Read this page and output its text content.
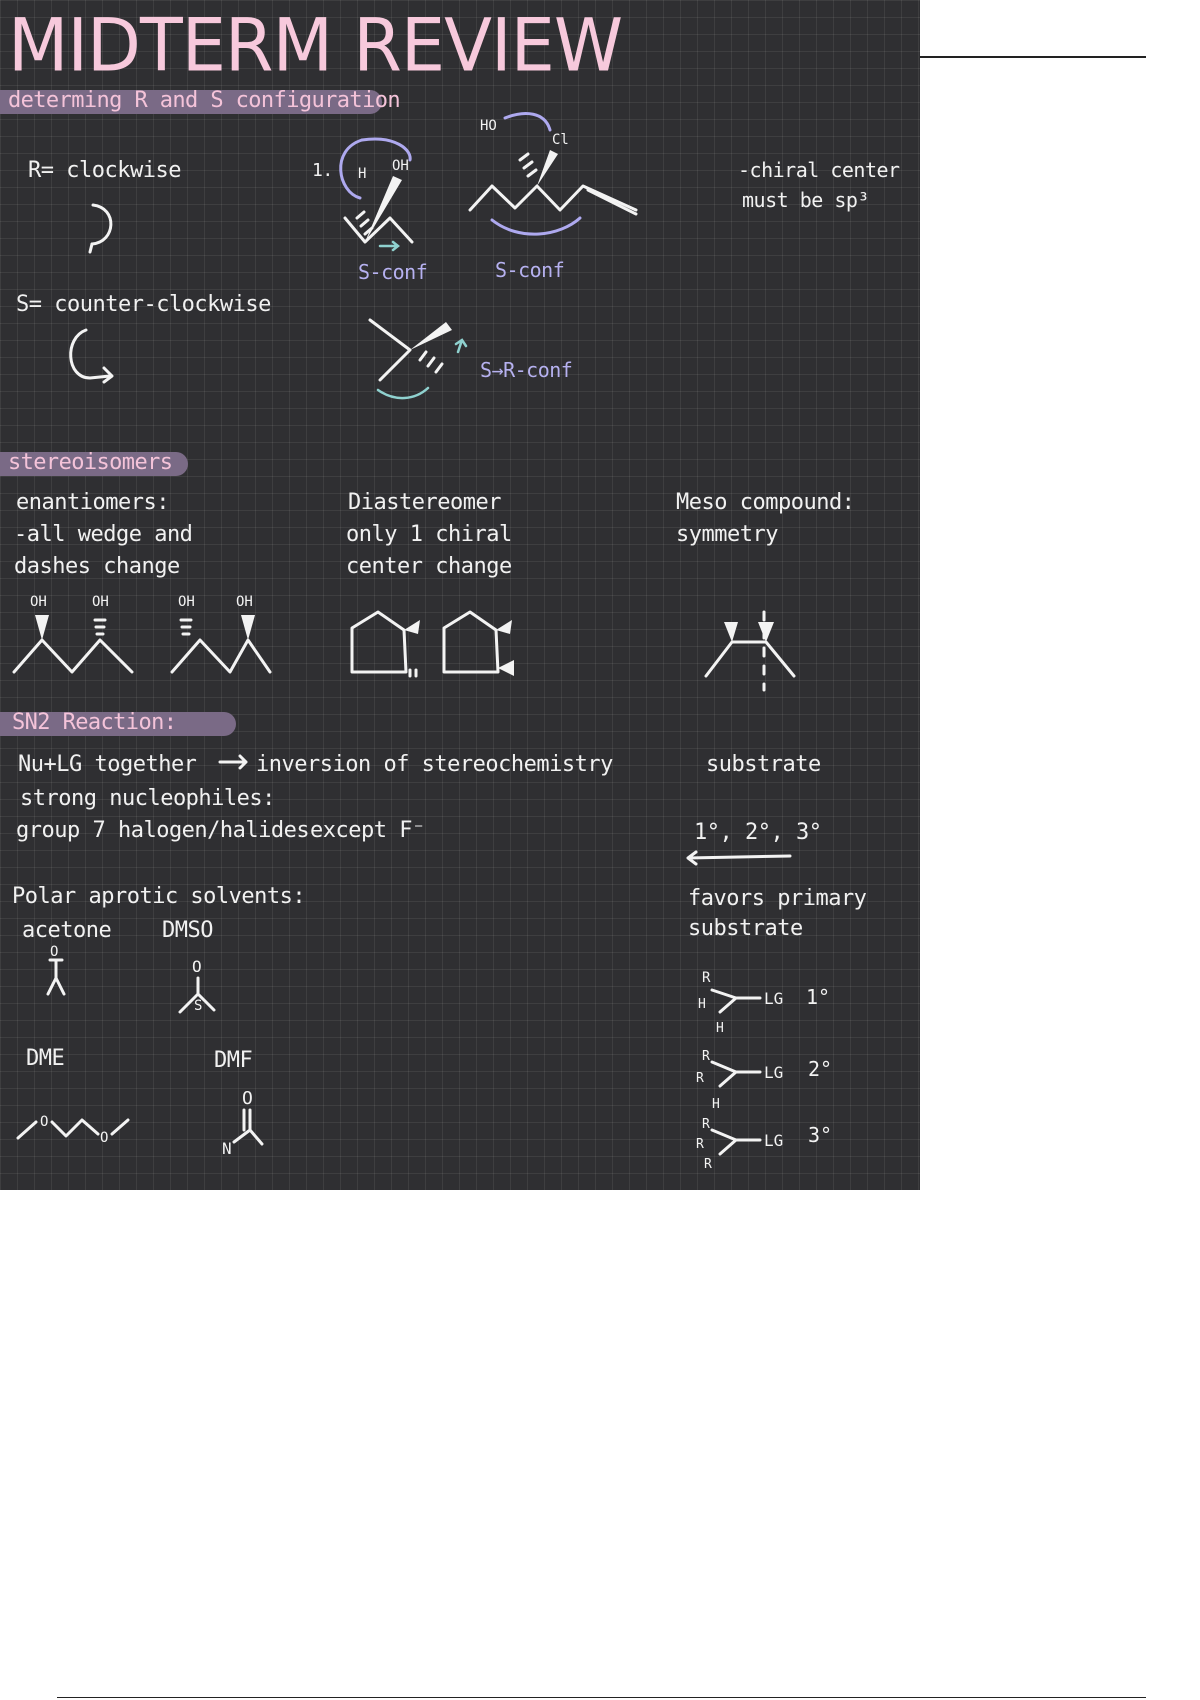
MIDTERM REVIEW
determing R and S configuration
R= clockwise
S= counter-clockwise
1.
S-conf	S-conf
S→R-conf
-chiral center
must be sp³
stereoisomers
enantiomers:
-all wedge and
dashes change
Diastereomer
only 1 chiral
center change
Meso compound:
symmetry
SN2 Reaction:
Nu+LG together	inversion of stereochemistry
strong nucleophiles:
group 7 halogen/halides except F⁻
Polar aprotic solvents:
acetone DMSO
DME	DMF
substrate
1°, 2°, 3°
favors primary
substrate
H OH
HO
Cl
OH	OH	OH	OH
O
O
S
O
O
O
N
R
H
H
LG 1°
R
R
H
LG 2°
R
R
R
LG 3°
